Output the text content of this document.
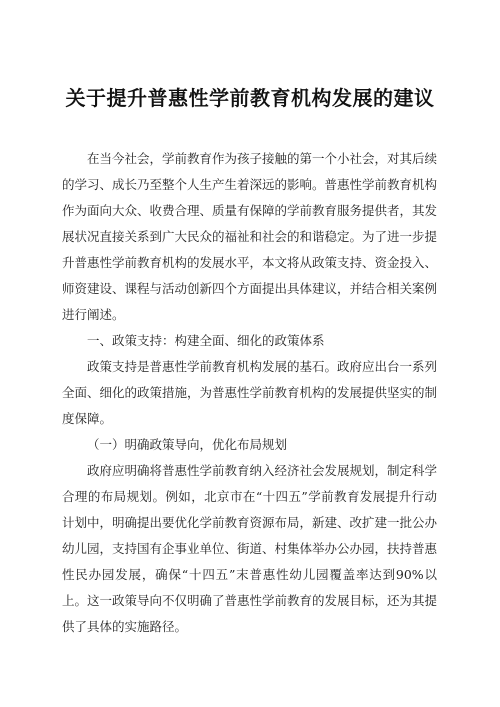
关于提升普惠性学前教育机构发展的建议

在当今社会，学前教育作为孩子接触的第一个小社会，对其后续的学习、成长乃至整个人生产生着深远的影响。普惠性学前教育机构作为面向大众、收费合理、质量有保障的学前教育服务提供者，其发展状况直接关系到广大民众的福祉和社会的和谐稳定。为了进一步提升普惠性学前教育机构的发展水平，本文将从政策支持、资金投入、师资建设、课程与活动创新四个方面提出具体建议，并结合相关案例进行阐述。

一、政策支持：构建全面、细化的政策体系

政策支持是普惠性学前教育机构发展的基石。政府应出台一系列全面、细化的政策措施，为普惠性学前教育机构的发展提供坚实的制度保障。

（一）明确政策导向，优化布局规划

政府应明确将普惠性学前教育纳入经济社会发展规划，制定科学合理的布局规划。例如，北京市在“十四五”学前教育发展提升行动计划中，明确提出要优化学前教育资源布局，新建、改扩建一批公办幼儿园，支持国有企事业单位、街道、村集体举办公办园，扶持普惠性民办园发展，确保“十四五”末普惠性幼儿园覆盖率达到90%以上。这一政策导向不仅明确了普惠性学前教育的发展目标，还为其提供了具体的实施路径。
